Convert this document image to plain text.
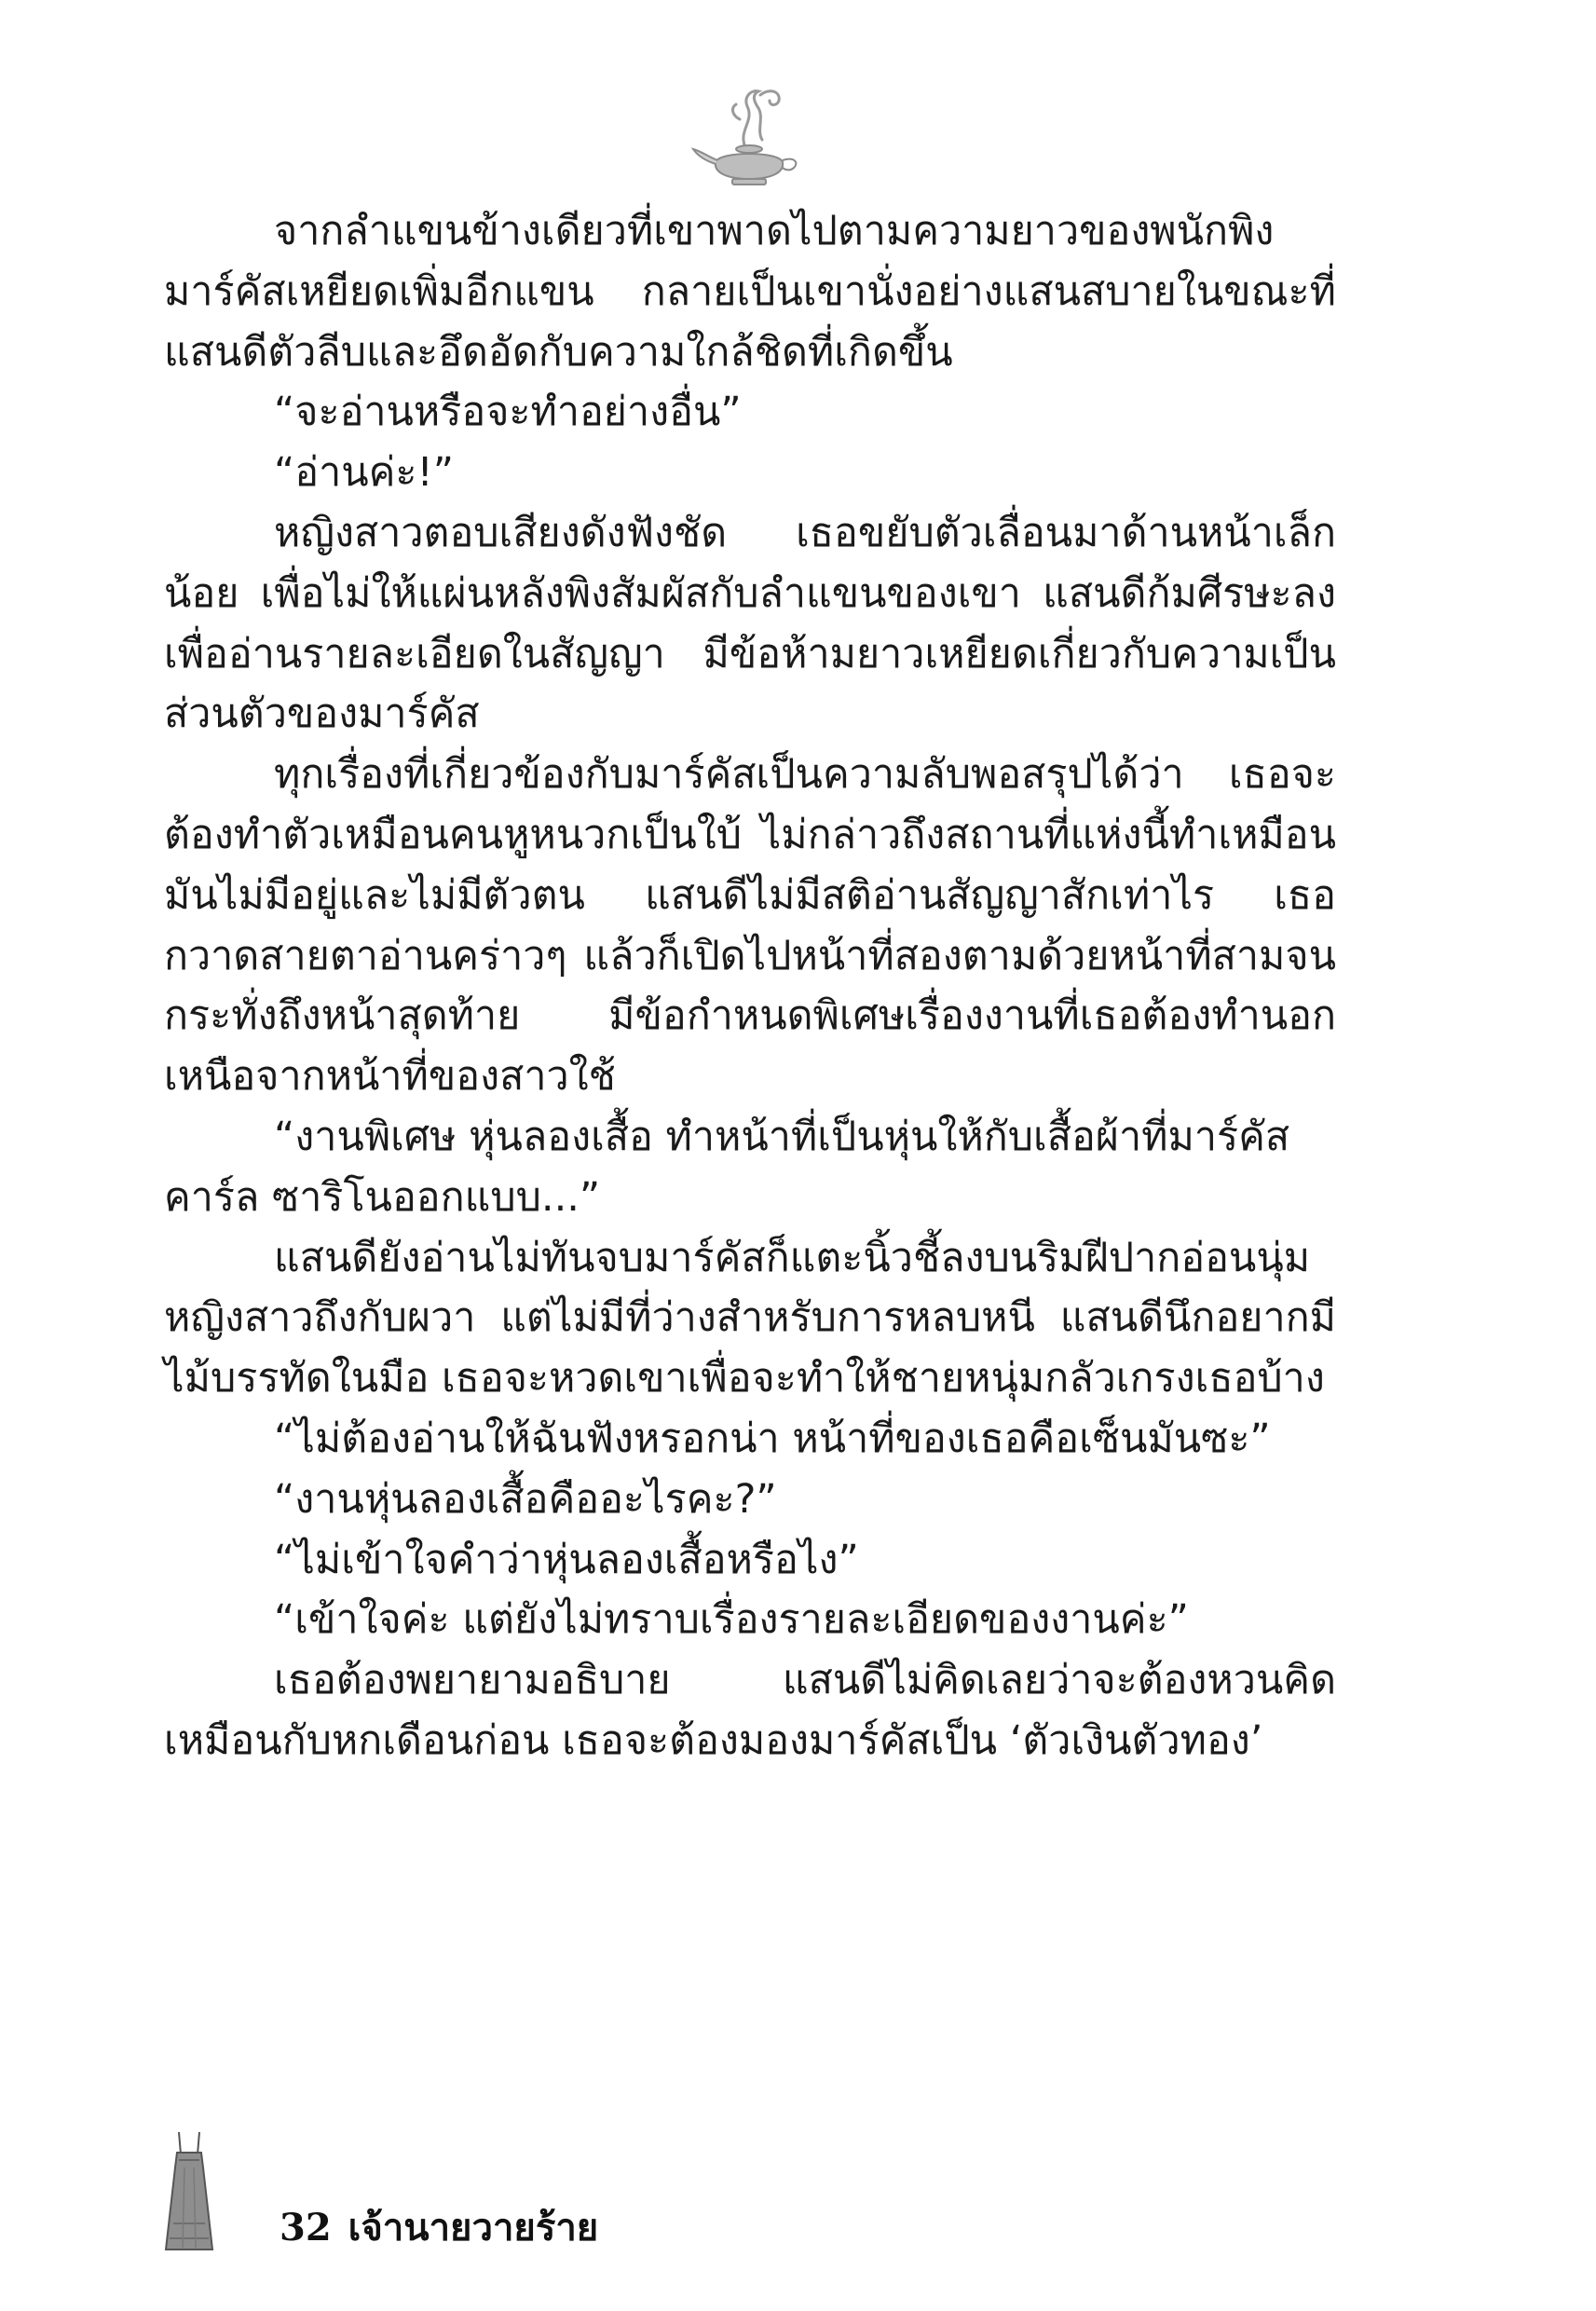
จากลำแขนข้างเดียวที่เขาพาดไปตามความยาวของพนักพิงมาร์คัสเหยียดเพิ่มอีกแขน กลายเป็นเขานั่งอย่างแสนสบายในขณะที่แสนดีตัวลีบและอึดอัดกับความใกล้ชิดที่เกิดขึ้น

“จะอ่านหรือจะทำอย่างอื่น”

“อ่านค่ะ!”

หญิงสาวตอบเสียงดังฟังชัด เธอขยับตัวเลื่อนมาด้านหน้าเล็กน้อย เพื่อไม่ให้แผ่นหลังพิงสัมผัสกับลำแขนของเขา แสนดีก้มศีรษะลงเพื่ออ่านรายละเอียดในสัญญา มีข้อห้ามยาวเหยียดเกี่ยวกับความเป็นส่วนตัวของมาร์คัส

ทุกเรื่องที่เกี่ยวข้องกับมาร์คัสเป็นความลับพอสรุปได้ว่า เธอจะต้องทำตัวเหมือนคนหูหนวกเป็นใบ้ ไม่กล่าวถึงสถานที่แห่งนี้ทำเหมือนมันไม่มีอยู่และไม่มีตัวตน แสนดีไม่มีสติอ่านสัญญาสักเท่าไร เธอกวาดสายตาอ่านคร่าวๆ แล้วก็เปิดไปหน้าที่สองตามด้วยหน้าที่สามจนกระทั่งถึงหน้าสุดท้าย มีข้อกำหนดพิเศษเรื่องงานที่เธอต้องทำนอกเหนือจากหน้าที่ของสาวใช้

“งานพิเศษ หุ่นลองเสื้อ ทำหน้าที่เป็นหุ่นให้กับเสื้อผ้าที่มาร์คัส คาร์ล ซาริโนออกแบบ...”

แสนดียังอ่านไม่ทันจบมาร์คัสก็แตะนิ้วชี้ลงบนริมฝีปากอ่อนนุ่มหญิงสาวถึงกับผวา แต่ไม่มีที่ว่างสำหรับการหลบหนี แสนดีนึกอยากมีไม้บรรทัดในมือ เธอจะหวดเขาเพื่อจะทำให้ชายหนุ่มกลัวเกรงเธอบ้าง

“ไม่ต้องอ่านให้ฉันฟังหรอกน่า หน้าที่ของเธอคือเซ็นมันซะ”

“งานหุ่นลองเสื้อคืออะไรคะ?”

“ไม่เข้าใจคำว่าหุ่นลองเสื้อหรือไง”

“เข้าใจค่ะ แต่ยังไม่ทราบเรื่องรายละเอียดของงานค่ะ”

เธอต้องพยายามอธิบาย แสนดีไม่คิดเลยว่าจะต้องหวนคิดเหมือนกับหกเดือนก่อน เธอจะต้องมองมาร์คัสเป็น ‘ตัวเงินตัวทอง’

32 เจ้านายวายร้าย
